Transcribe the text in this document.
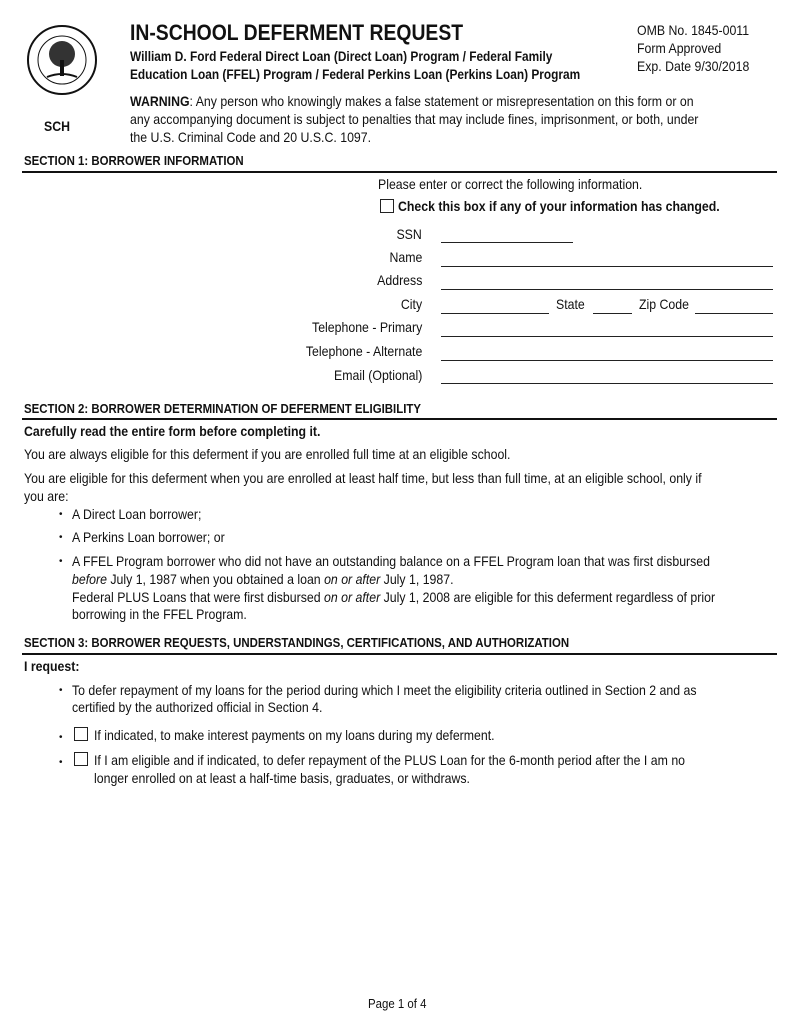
SCH
IN-SCHOOL DEFERMENT REQUEST
William D. Ford Federal Direct Loan (Direct Loan) Program / Federal Family
Education Loan (FFEL) Program / Federal Perkins Loan (Perkins Loan) Program
OMB No. 1845-0011
Form Approved
Exp. Date 9/30/2018
WARNING: Any person who knowingly makes a false statement or misrepresentation on this form or on
any accompanying document is subject to penalties that may include fines, imprisonment, or both, under
the U.S. Criminal Code and 20 U.S.C. 1097.
SECTION 1: BORROWER INFORMATION
Please enter or correct the following information.
Check this box if any of your information has changed.
SSN
Name
Address
City	State	Zip Code
Telephone - Primary
Telephone - Alternate
Email (Optional)
SECTION 2: BORROWER DETERMINATION OF DEFERMENT ELIGIBILITY
Carefully read the entire form before completing it.
You are always eligible for this deferment if you are enrolled full time at an eligible school.
You are eligible for this deferment when you are enrolled at least half time, but less than full time, at an eligible school, only if
you are:
• A Direct Loan borrower;
• A Perkins Loan borrower; or
• A FFEL Program borrower who did not have an outstanding balance on a FFEL Program loan that was first disbursed
before July 1, 1987 when you obtained a loan on or after July 1, 1987.
Federal PLUS Loans that were first disbursed on or after July 1, 2008 are eligible for this deferment regardless of prior
borrowing in the FFEL Program.
SECTION 3: BORROWER REQUESTS, UNDERSTANDINGS, CERTIFICATIONS, AND AUTHORIZATION
I request:
• To defer repayment of my loans for the period during which I meet the eligibility criteria outlined in Section 2 and as
certified by the authorized official in Section 4.
• If indicated, to make interest payments on my loans during my deferment.
• If I am eligible and if indicated, to defer repayment of the PLUS Loan for the 6-month period after the I am no
longer enrolled on at least a half-time basis, graduates, or withdraws.
Page 1 of 4
